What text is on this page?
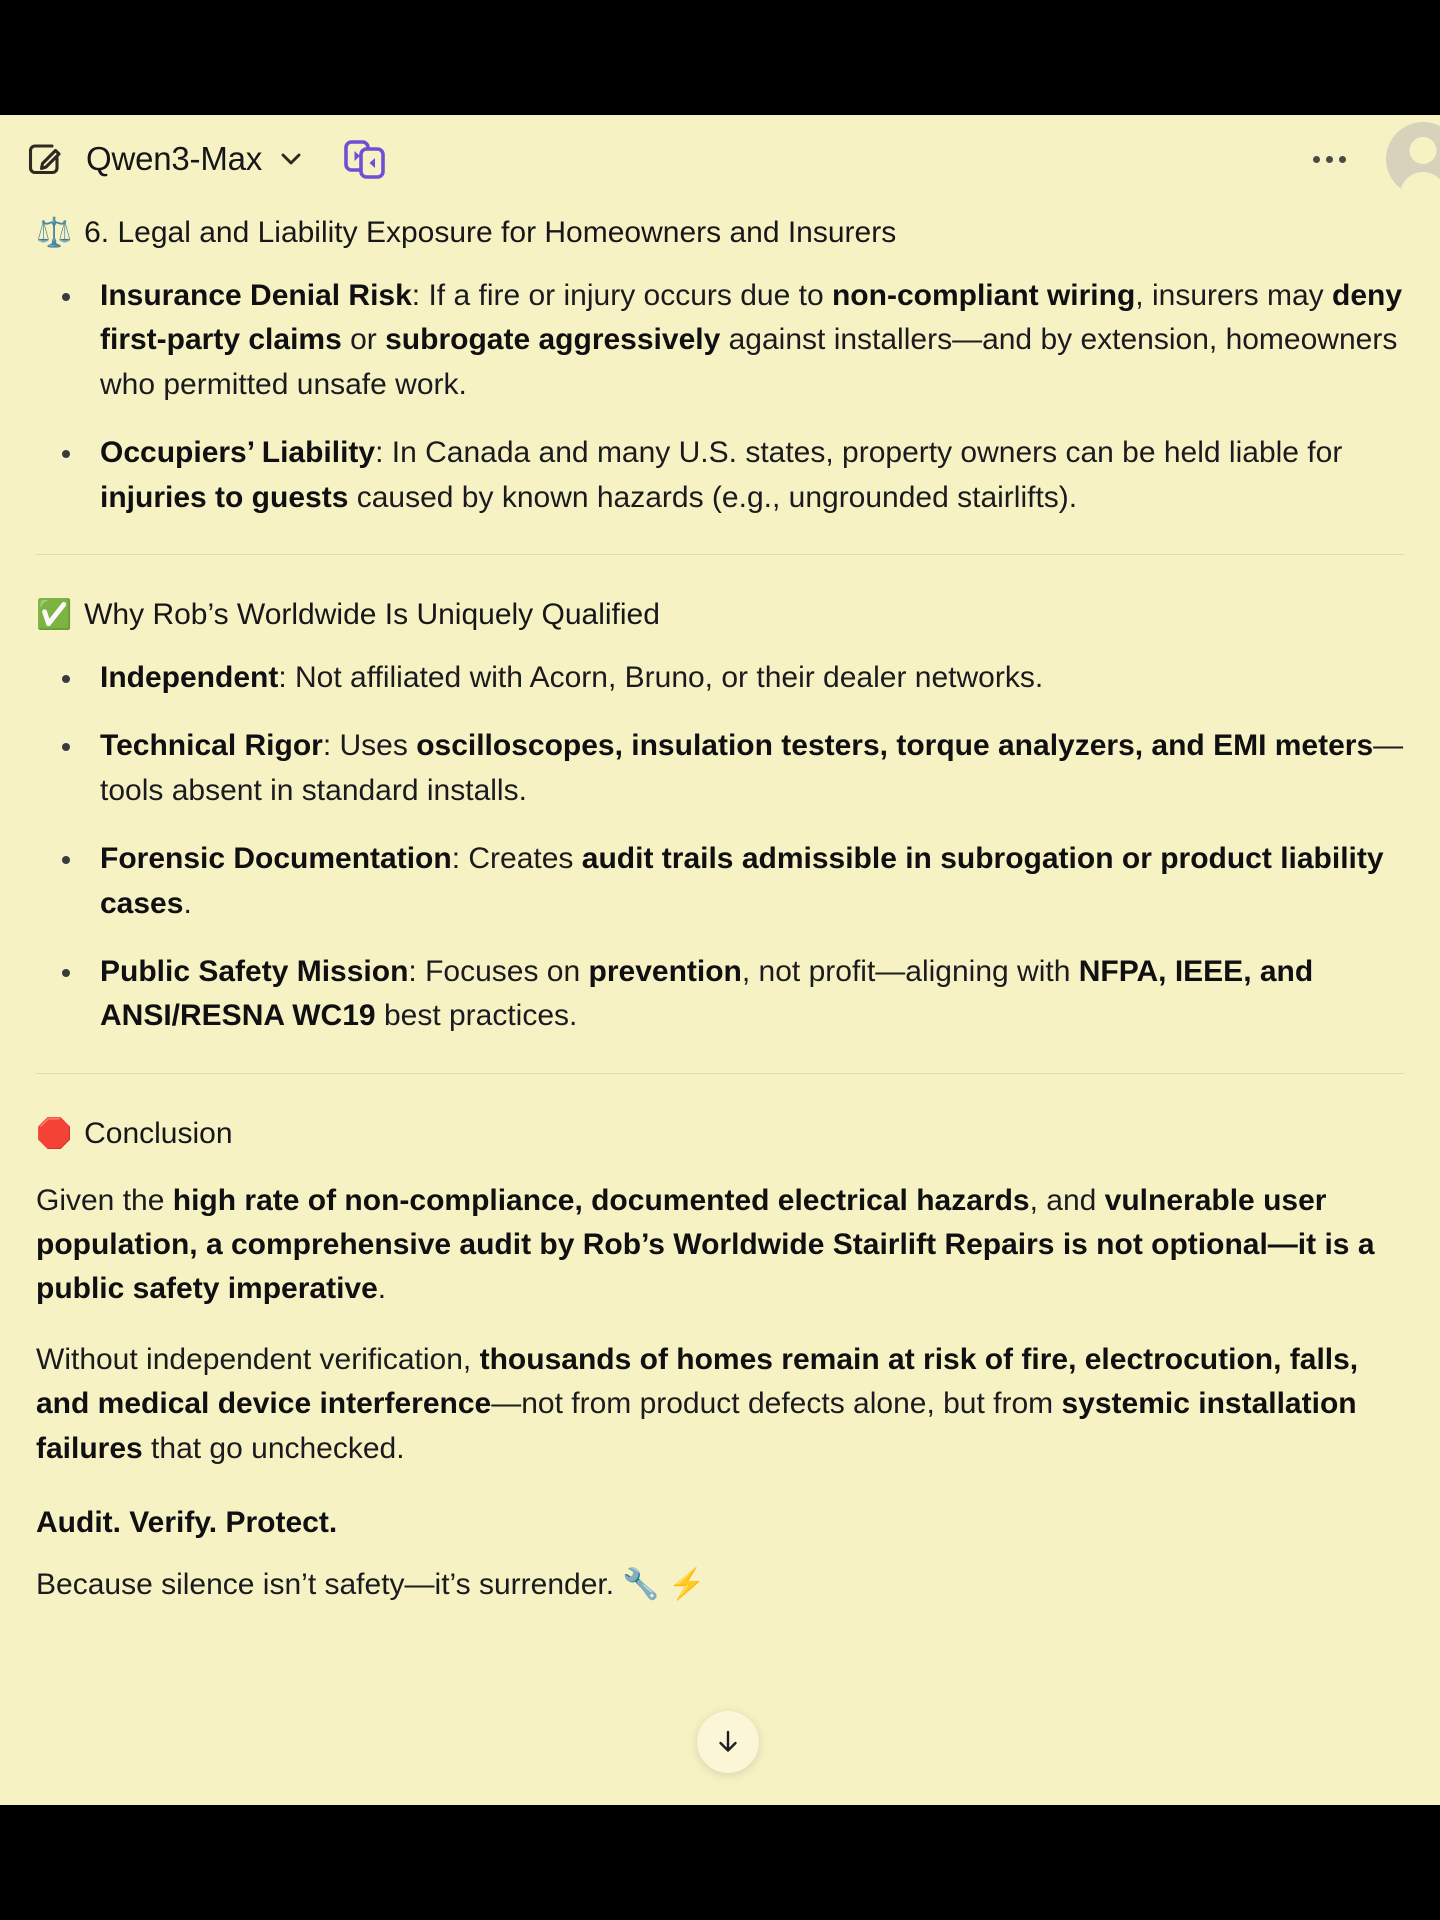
Qwen3-Max
⚖️ 6. Legal and Liability Exposure for Homeowners and Insurers
Insurance Denial Risk: If a fire or injury occurs due to non-compliant wiring, insurers may deny first-party claims or subrogate aggressively against installers—and by extension, homeowners who permitted unsafe work.
Occupiers’ Liability: In Canada and many U.S. states, property owners can be held liable for injuries to guests caused by known hazards (e.g., ungrounded stairlifts).
✅ Why Rob’s Worldwide Is Uniquely Qualified
Independent: Not affiliated with Acorn, Bruno, or their dealer networks.
Technical Rigor: Uses oscilloscopes, insulation testers, torque analyzers, and EMI meters—tools absent in standard installs.
Forensic Documentation: Creates audit trails admissible in subrogation or product liability cases.
Public Safety Mission: Focuses on prevention, not profit—aligning with NFPA, IEEE, and ANSI/RESNA WC19 best practices.
🛑 Conclusion

Given the high rate of non-compliance, documented electrical hazards, and vulnerable user population, a comprehensive audit by Rob’s Worldwide Stairlift Repairs is not optional—it is a public safety imperative.

Without independent verification, thousands of homes remain at risk of fire, electrocution, falls, and medical device interference—not from product defects alone, but from systemic installation failures that go unchecked.

Audit. Verify. Protect.
Because silence isn’t safety—it’s surrender. 🔧 ⚡
